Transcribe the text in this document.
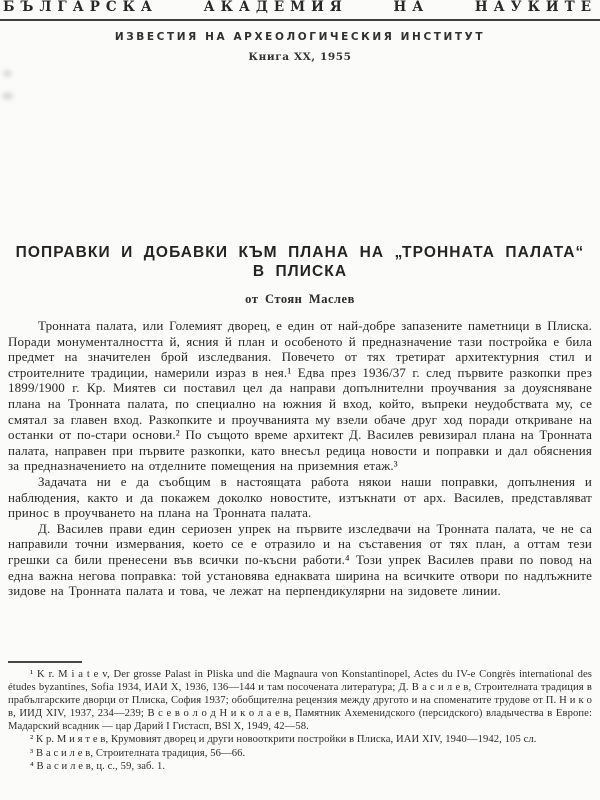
БЪЛГАРСКА АКАДЕМИЯ НА НАУКИТЕ
ИЗВЕСТИЯ НА АРХЕОЛОГИЧЕСКИЯ ИНСТИТУТ
Книга XX, 1955
ПОПРАВКИ И ДОБАВКИ КЪМ ПЛАНА НА „ТРОННАТА ПАЛАТА“
В ПЛИСКА
от Стоян Маслев

Тронната палата, или Големият дворец, е един от най-добре запазените паметници в Плиска. Поради монументалността й, ясния й план и особеното й предназначение тази постройка е била предмет на значителен брой изследвания. Повечето от тях третират архитектурния стил и строителните традиции, намерили израз в нея.¹ Едва през 1936/37 г. след първите разкопки през 1899/1900 г. Кр. Миятев си поставил цел да направи допълнителни проучвания за доуясняване плана на Тронната палата, по специално на южния й вход, който, въпреки неудобствата му, се смятал за главен вход. Разкопките и проучванията му взели обаче друг ход поради откриване на останки от по-стари основи.² По същото време архитект Д. Василев ревизирал плана на Тронната палата, направен при първите разкопки, като внесъл редица новости и поправки и дал обяснения за предназначението на отделните помещения на приземния етаж.³

Задачата ни е да съобщим в настоящата работа някои наши поправки, допълнения и наблюдения, както и да покажем доколко новостите, изтъкнати от арх. Василев, представляват принос в проучването на плана на Тронната палата.

Д. Василев прави един сериозен упрек на първите изследвачи на Тронната палата, че не са направили точни измервания, което се е отразило и на съставения от тях план, а оттам тези грешки са били пренесени във всички по-късни работи.⁴ Този упрек Василев прави по повод на една важна негова поправка: той установява еднаквата ширина на всичките отвори по надлъжните зидове на Тронната палата и това, че лежат на перпендикулярни на зидовете линии.

¹ K r. M i a t e v, Der grosse Palast in Pliska und die Magnaura von Konstantinopel, Actes du IV-e Congrès international des études byzantines, Sofia 1934, ИАИ X, 1936, 136—144 и там посочената литература; Д. В а с и л е в, Строителната традиция в прабългарските дворци от Плиска, София 1937; обобщителна рецензия между другото и на споменатите трудове от П. Н и к о в, ИИД XIV, 1937, 234—239; В с е в о л о д Н и к о л а е в, Памятник Ахеменидского (персидского) владычества в Европе: Мадарский всадник — цар Дарий I Гистасп, BSl X, 1949, 42—58.

² К р. М и я т е в, Крумовият дворец и други новооткрити постройки в Плиска, ИАИ XIV, 1940—1942, 105 сл.

³ В а с и л е в, Строителната традиция, 56—66.

⁴ В а с и л е в, ц. с., 59, заб. 1.
